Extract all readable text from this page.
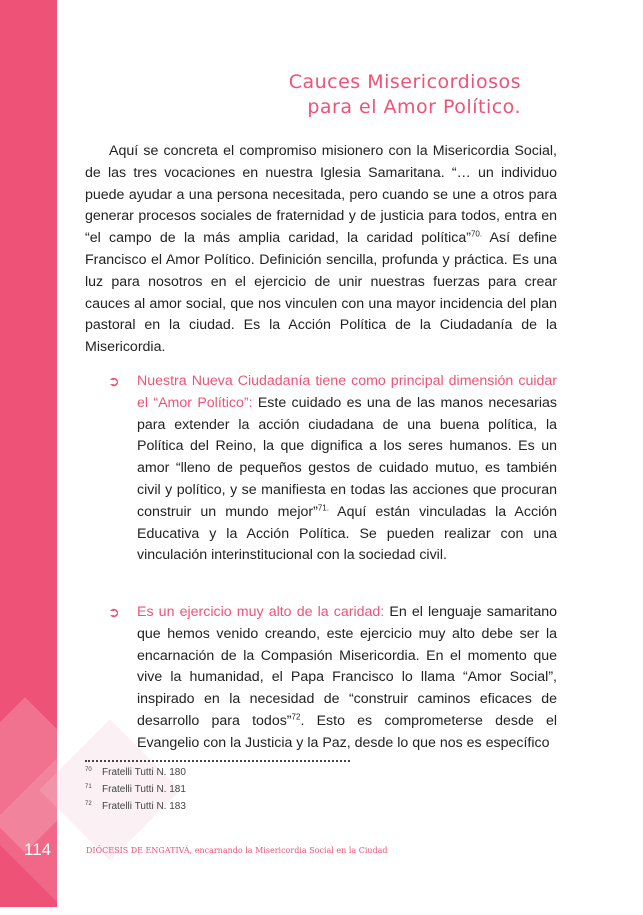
Cauces Misericordiosos
para el Amor Político.
Aquí se concreta el compromiso misionero con la Misericordia Social, de las tres vocaciones en nuestra Iglesia Samaritana. “… un individuo puede ayudar a una persona necesitada, pero cuando se une a otros para generar procesos sociales de fraternidad y de justicia para todos, entra en “el campo de la más amplia caridad, la caridad política”$^{70.}$ Así define Francisco el Amor Político. Definición sencilla, profunda y práctica. Es una luz para nosotros en el ejercicio de unir nuestras fuerzas para crear cauces al amor social, que nos vinculen con una mayor incidencia del plan pastoral en la ciudad. Es la Acción Política de la Ciudadanía de la Misericordia.
➲ Nuestra Nueva Ciudadanía tiene como principal dimensión cuidar el “Amor Político”: Este cuidado es una de las manos necesarias para extender la acción ciudadana de una buena política, la Política del Reino, la que dignifica a los seres humanos. Es un amor “lleno de pequeños gestos de cuidado mutuo, es también civil y político, y se manifiesta en todas las acciones que procuran construir un mundo mejor”$^{71.}$ Aquí están vinculadas la Acción Educativa y la Acción Política. Se pueden realizar con una vinculación interinstitucional con la sociedad civil.
➲ Es un ejercicio muy alto de la caridad: En el lenguaje samaritano que hemos venido creando, este ejercicio muy alto debe ser la encarnación de la Compasión Misericordia. En el momento que vive la humanidad, el Papa Francisco lo llama “Amor Social”, inspirado en la necesidad de “construir caminos eficaces de desarrollo para todos”$^{72}$. Esto es comprometerse desde el Evangelio con la Justicia y la Paz, desde lo que nos es específico
70 Fratelli Tutti N. 180
71 Fratelli Tutti N. 181
72 Fratelli Tutti N. 183
114	DIÓCESIS DE ENGATIVÁ, encarnando la Misericordia Social en la Ciudad
